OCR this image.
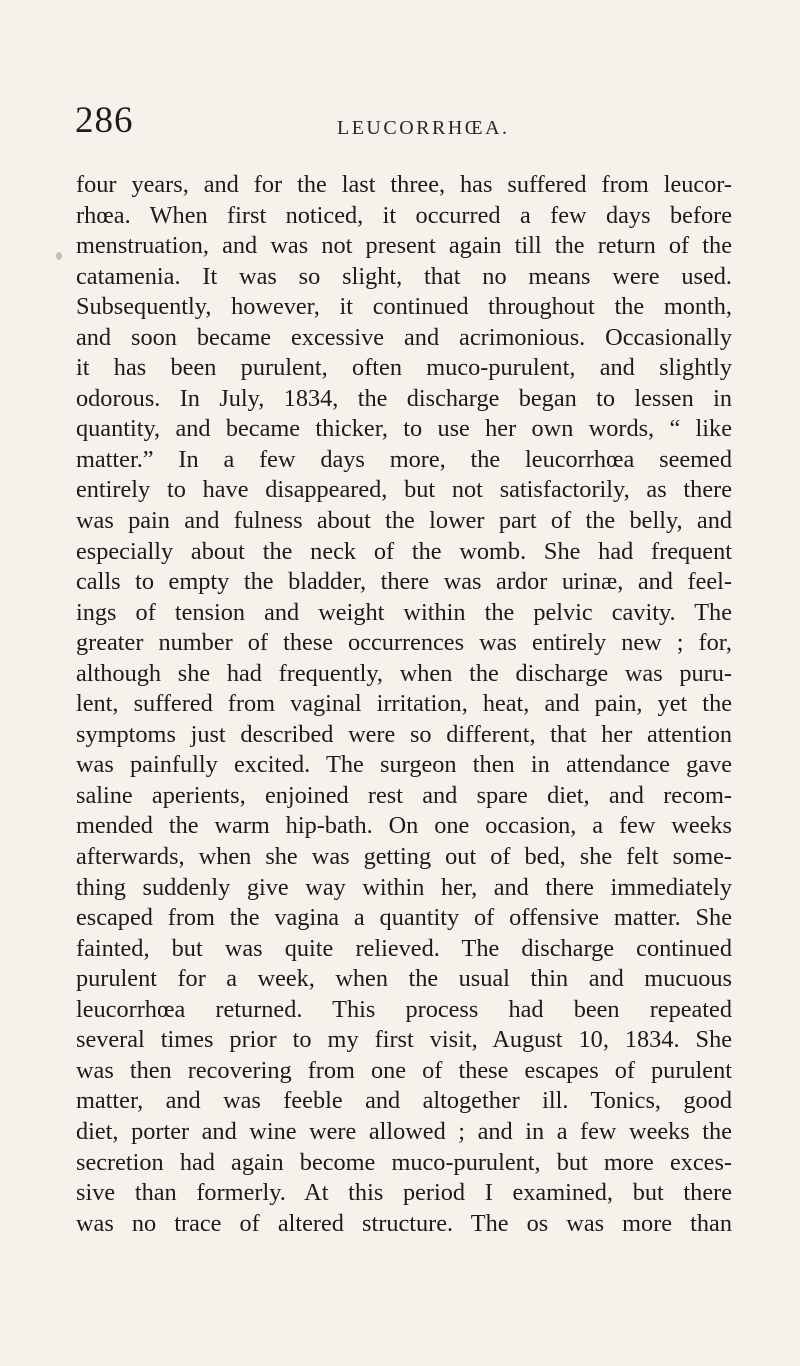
286	LEUCORRHŒA.
four years, and for the last three, has suffered from leucor-
rhœa. When first noticed, it occurred a few days before
menstruation, and was not present again till the return of the
catamenia. It was so slight, that no means were used.
Subsequently, however, it continued throughout the month,
and soon became excessive and acrimonious. Occasionally
it has been purulent, often muco-purulent, and slightly
odorous. In July, 1834, the discharge began to lessen in
quantity, and became thicker, to use her own words, “ like
matter.” In a few days more, the leucorrhœa seemed
entirely to have disappeared, but not satisfactorily, as there
was pain and fulness about the lower part of the belly, and
especially about the neck of the womb. She had frequent
calls to empty the bladder, there was ardor urinæ, and feel-
ings of tension and weight within the pelvic cavity. The
greater number of these occurrences was entirely new ; for,
although she had frequently, when the discharge was puru-
lent, suffered from vaginal irritation, heat, and pain, yet the
symptoms just described were so different, that her attention
was painfully excited. The surgeon then in attendance gave
saline aperients, enjoined rest and spare diet, and recom-
mended the warm hip-bath. On one occasion, a few weeks
afterwards, when she was getting out of bed, she felt some-
thing suddenly give way within her, and there immediately
escaped from the vagina a quantity of offensive matter. She
fainted, but was quite relieved. The discharge continued
purulent for a week, when the usual thin and mucuous
leucorrhœa returned. This process had been repeated
several times prior to my first visit, August 10, 1834. She
was then recovering from one of these escapes of purulent
matter, and was feeble and altogether ill. Tonics, good
diet, porter and wine were allowed ; and in a few weeks the
secretion had again become muco-purulent, but more exces-
sive than formerly. At this period I examined, but there
was no trace of altered structure. The os was more than
